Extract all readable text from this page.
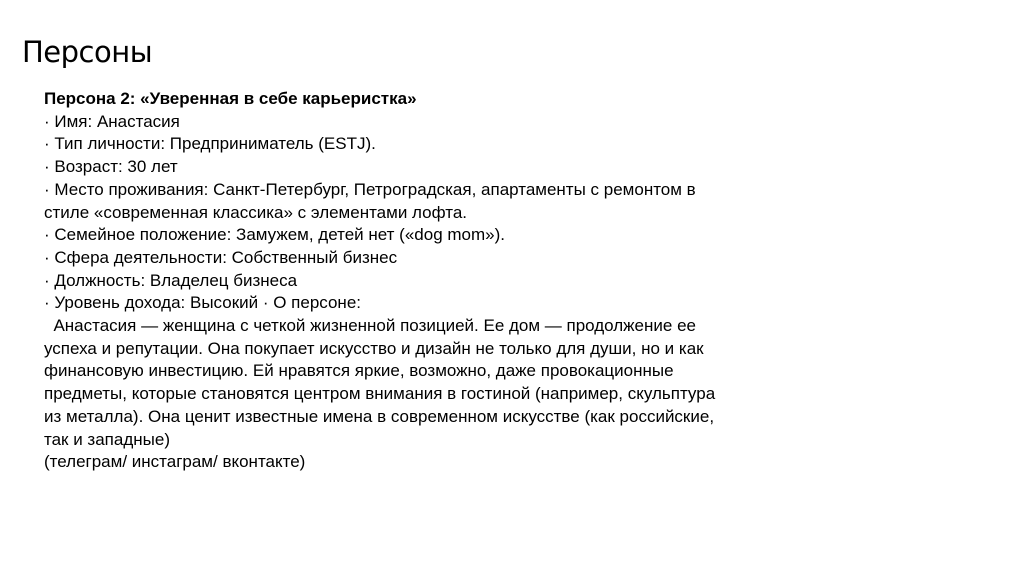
Персоны
Персона 2: «Уверенная в себе карьеристка»
· Имя: Анастасия
· Тип личности: Предприниматель (ESTJ).
· Возраст: 30 лет
· Место проживания: Санкт-Петербург, Петроградская, апартаменты с ремонтом в
стиле «современная классика» с элементами лофта.
· Семейное положение: Замужем, детей нет («dog mom»).
· Сфера деятельности: Собственный бизнес
· Должность: Владелец бизнеса
· Уровень дохода: Высокий · О персоне:
Анастасия — женщина с четкой жизненной позицией. Ее дом — продолжение ее
успеха и репутации. Она покупает искусство и дизайн не только для души, но и как
финансовую инвестицию. Ей нравятся яркие, возможно, даже провокационные
предметы, которые становятся центром внимания в гостиной (например, скульптура
из металла). Она ценит известные имена в современном искусстве (как российские,
так и западные)
(телеграм/ инстаграм/ вконтакте)
